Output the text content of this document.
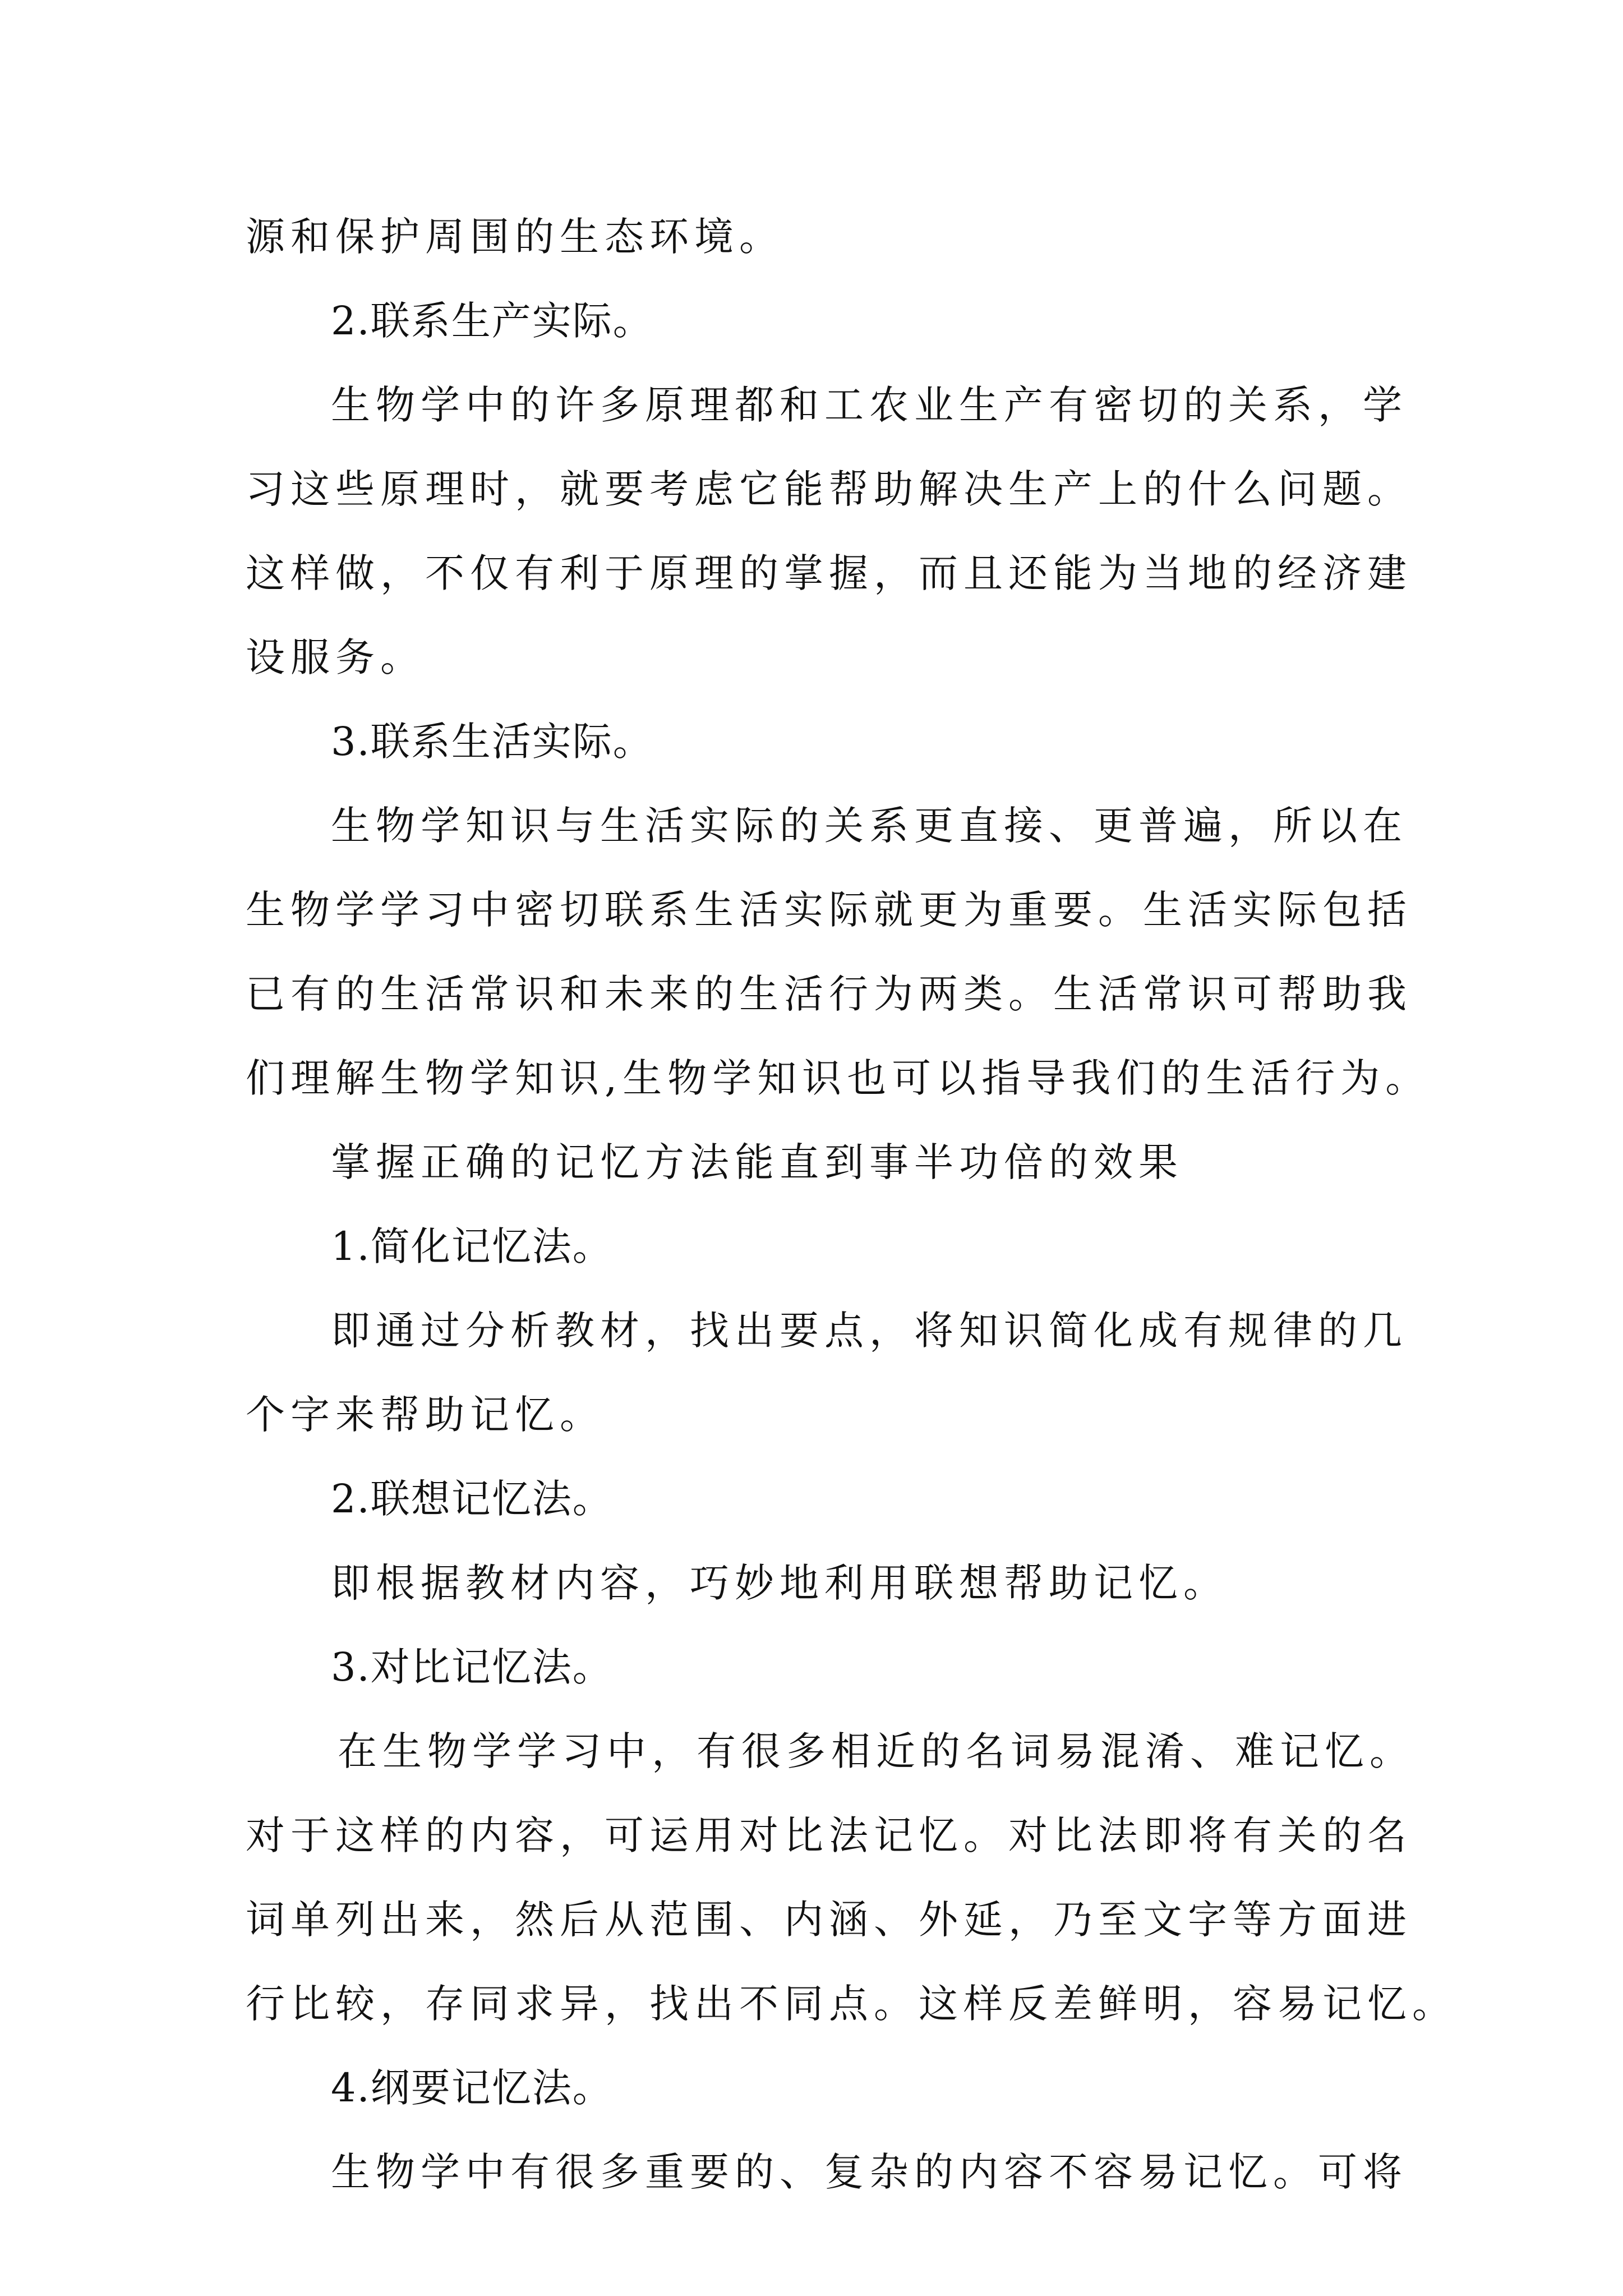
源和保护周围的生态环境。

2.联系生产实际。

生物学中的许多原理都和工农业生产有密切的关系，学

习这些原理时，就要考虑它能帮助解决生产上的什么问题。

这样做，不仅有利于原理的掌握，而且还能为当地的经济建

设服务。

3.联系生活实际。

生物学知识与生活实际的关系更直接、更普遍，所以在

生物学学习中密切联系生活实际就更为重要。生活实际包括

已有的生活常识和未来的生活行为两类。生活常识可帮助我

们理解生物学知识,生物学知识也可以指导我们的生活行为。

掌握正确的记忆方法能直到事半功倍的效果

1.简化记忆法。

即通过分析教材，找出要点，将知识简化成有规律的几

个字来帮助记忆。

2.联想记忆法。

即根据教材内容，巧妙地利用联想帮助记忆。

3.对比记忆法。

在生物学学习中，有很多相近的名词易混淆、难记忆。

对于这样的内容，可运用对比法记忆。对比法即将有关的名

词单列出来，然后从范围、内涵、外延，乃至文字等方面进

行比较，存同求异，找出不同点。这样反差鲜明，容易记忆。

4.纲要记忆法。

生物学中有很多重要的、复杂的内容不容易记忆。可将
